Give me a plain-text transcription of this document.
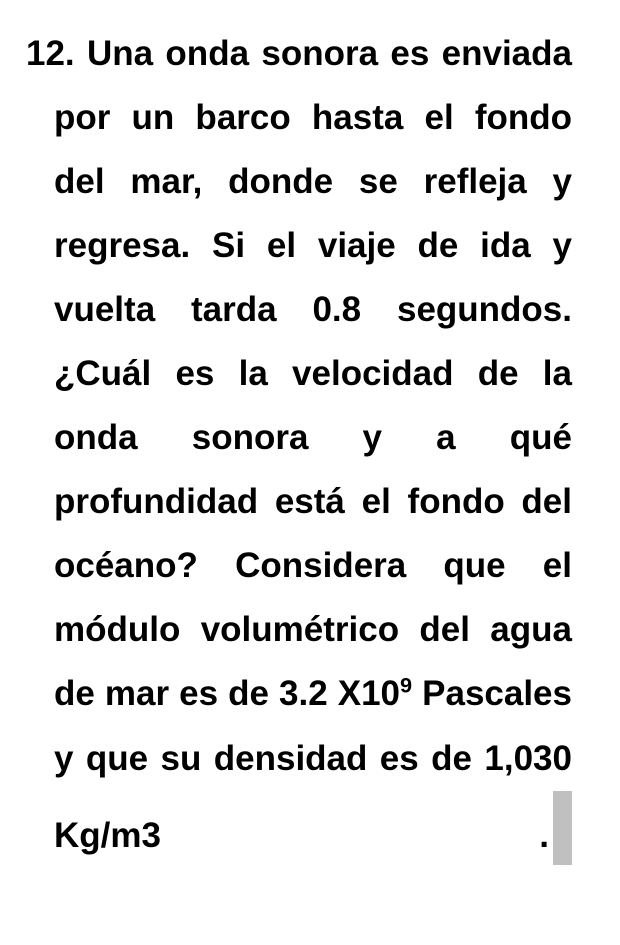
12. Una onda sonora es enviada por un barco hasta el fondo del mar, donde se refleja y regresa. Si el viaje de ida y vuelta tarda 0.8 segundos. ¿Cuál es la velocidad de la onda sonora y a qué profundidad está el fondo del océano? Considera que el módulo volumétrico del agua de mar es de 3.2 $X10^9$ Pascales y que su densidad es de 1,030 Kg/m3 .
